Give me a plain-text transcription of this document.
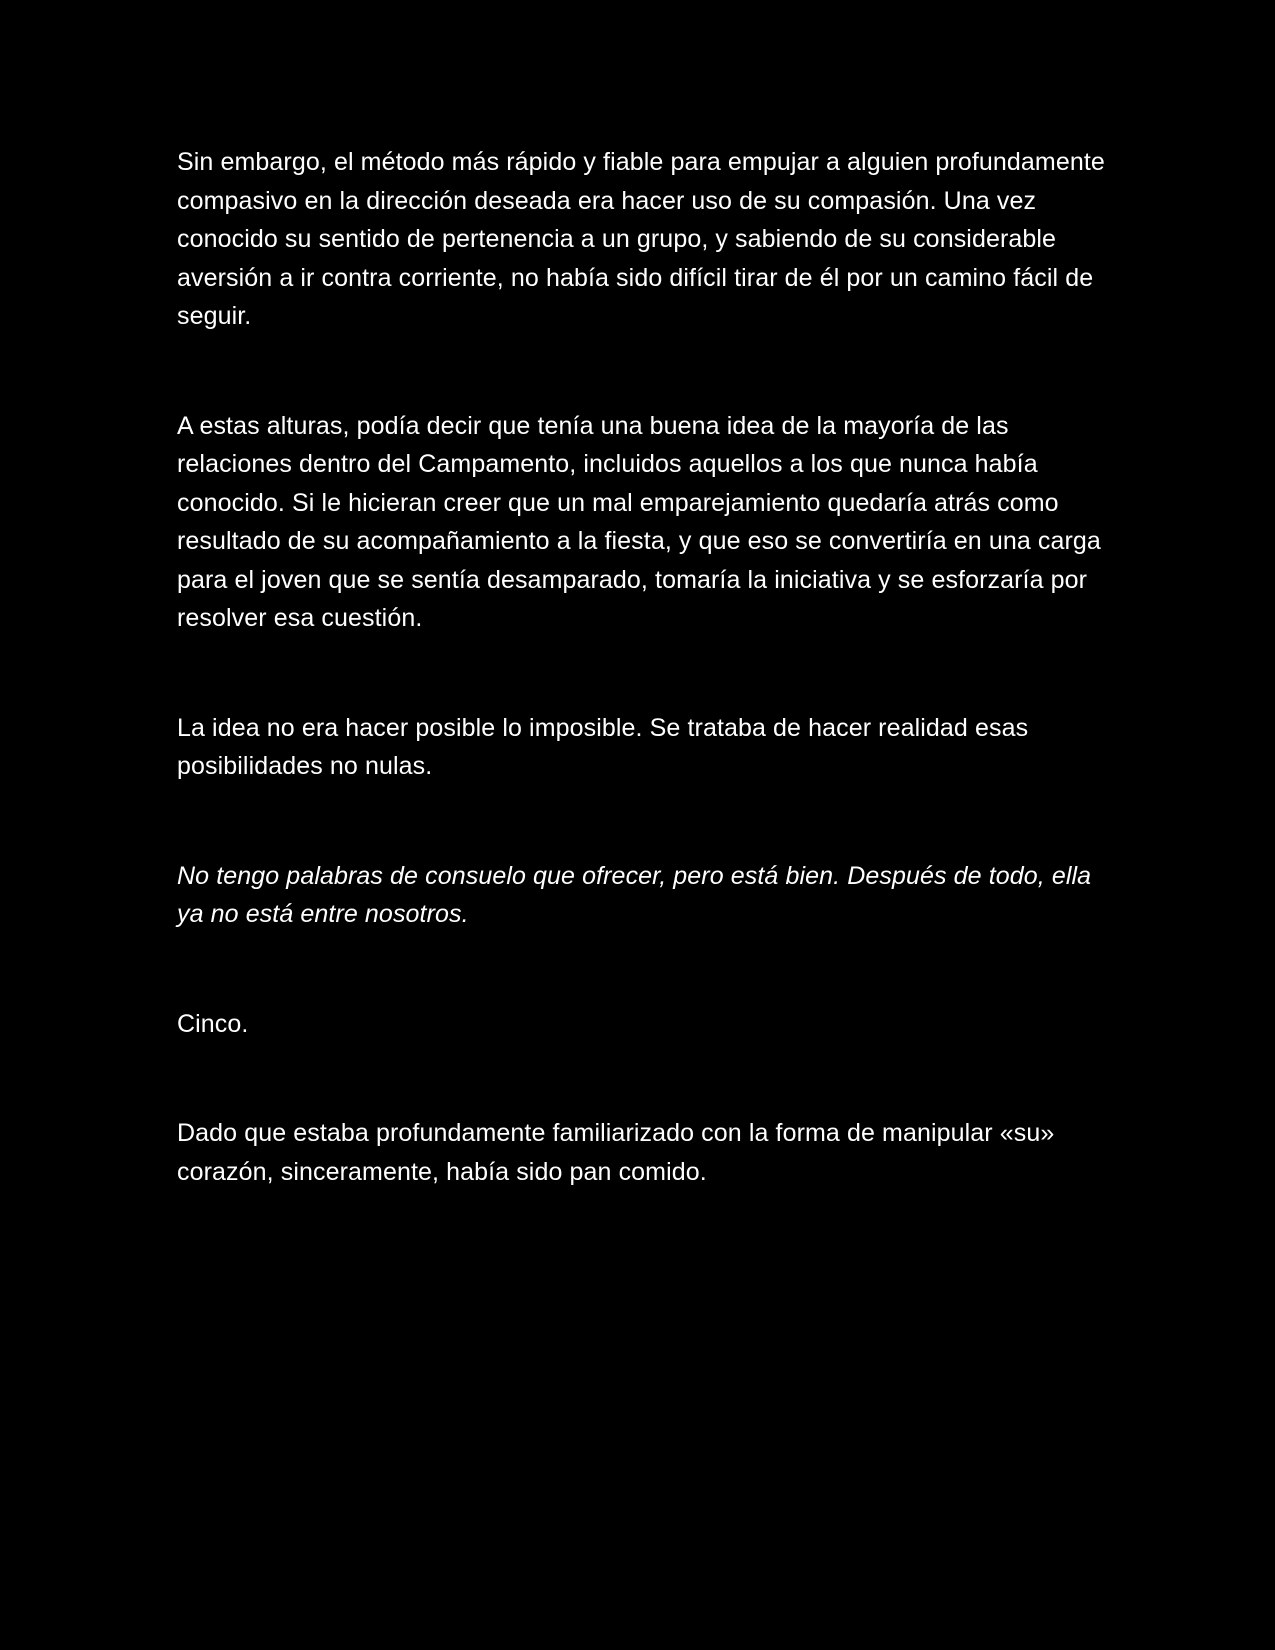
Sin embargo, el método más rápido y fiable para empujar a alguien profundamente compasivo en la dirección deseada era hacer uso de su compasión. Una vez conocido su sentido de pertenencia a un grupo, y sabiendo de su considerable aversión a ir contra corriente, no había sido difícil tirar de él por un camino fácil de seguir.

A estas alturas, podía decir que tenía una buena idea de la mayoría de las relaciones dentro del Campamento, incluidos aquellos a los que nunca había conocido. Si le hicieran creer que un mal emparejamiento quedaría atrás como resultado de su acompañamiento a la fiesta, y que eso se convertiría en una carga para el joven que se sentía desamparado, tomaría la iniciativa y se esforzaría por resolver esa cuestión.

La idea no era hacer posible lo imposible. Se trataba de hacer realidad esas posibilidades no nulas.

No tengo palabras de consuelo que ofrecer, pero está bien. Después de todo, ella ya no está entre nosotros.

Cinco.

Dado que estaba profundamente familiarizado con la forma de manipular «su» corazón, sinceramente, había sido pan comido.
